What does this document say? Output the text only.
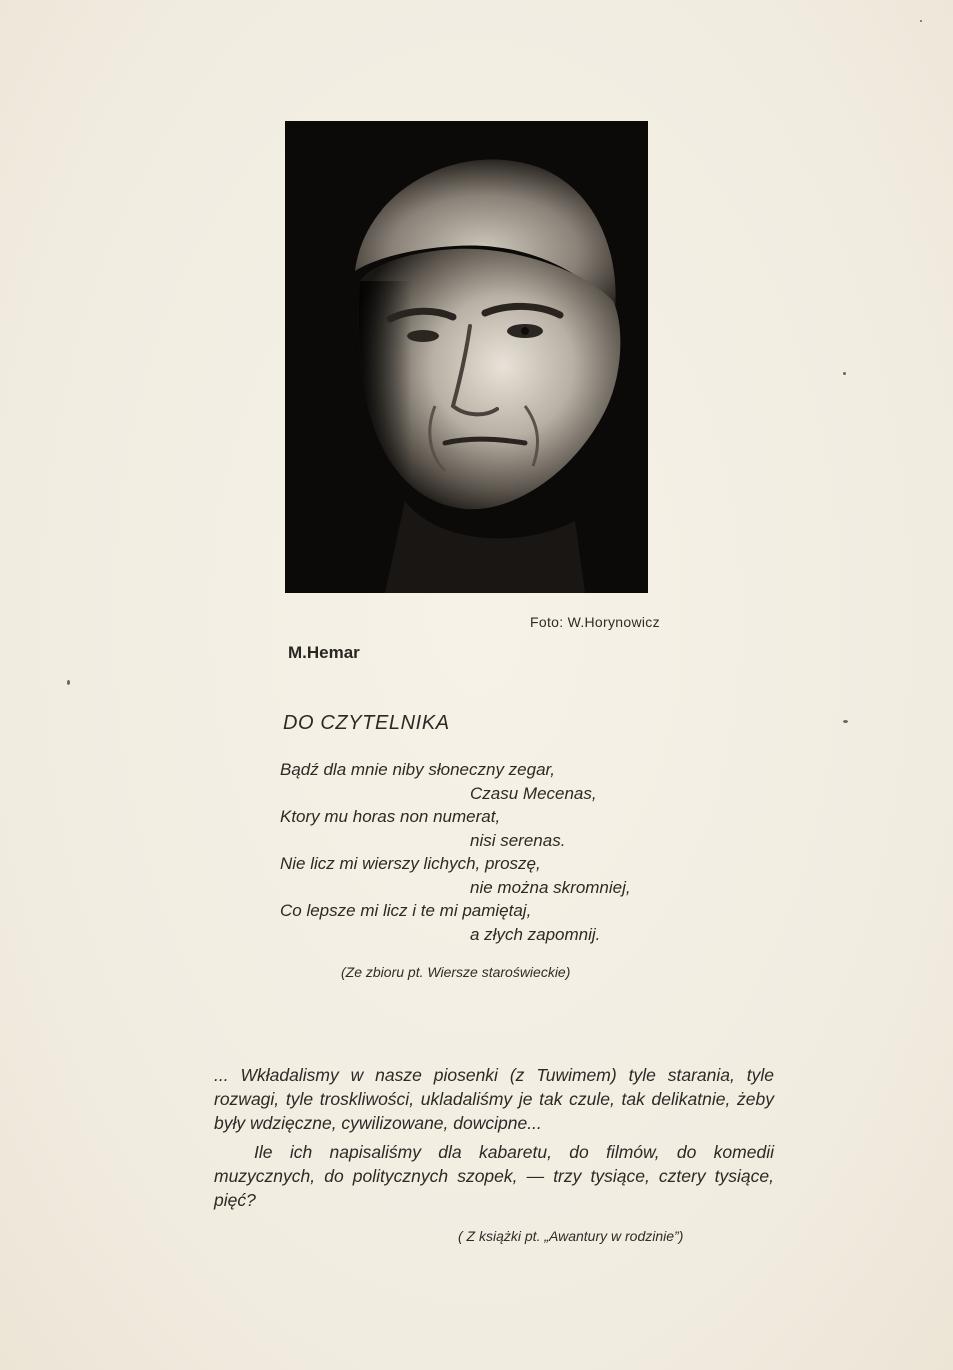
Foto: W.Horynowicz
M.Hemar
DO CZYTELNIKA
Bądź dla mnie niby słoneczny zegar,
Czasu Mecenas,
Ktory mu horas non numerat,
nisi serenas.
Nie licz mi wierszy lichych, proszę,
nie można skromniej,
Co lepsze mi licz i te mi pamiętaj,
a złych zapomnij.
(Ze zbioru pt. Wiersze staroświeckie)

... Wkładalismy w nasze piosenki (z Tuwimem) tyle starania, tyle rozwagi, tyle troskliwości, ukladaliśmy je tak czule, tak delikatnie, żeby były wdzięczne, cywilizowane, dowcipne...

Ile ich napisaliśmy dla kabaretu, do filmów, do komedii muzycznych, do politycznych szopek, — trzy tysiące, cztery tysiące, pięć?

( Z książki pt. „Awantury w rodzinie”)
